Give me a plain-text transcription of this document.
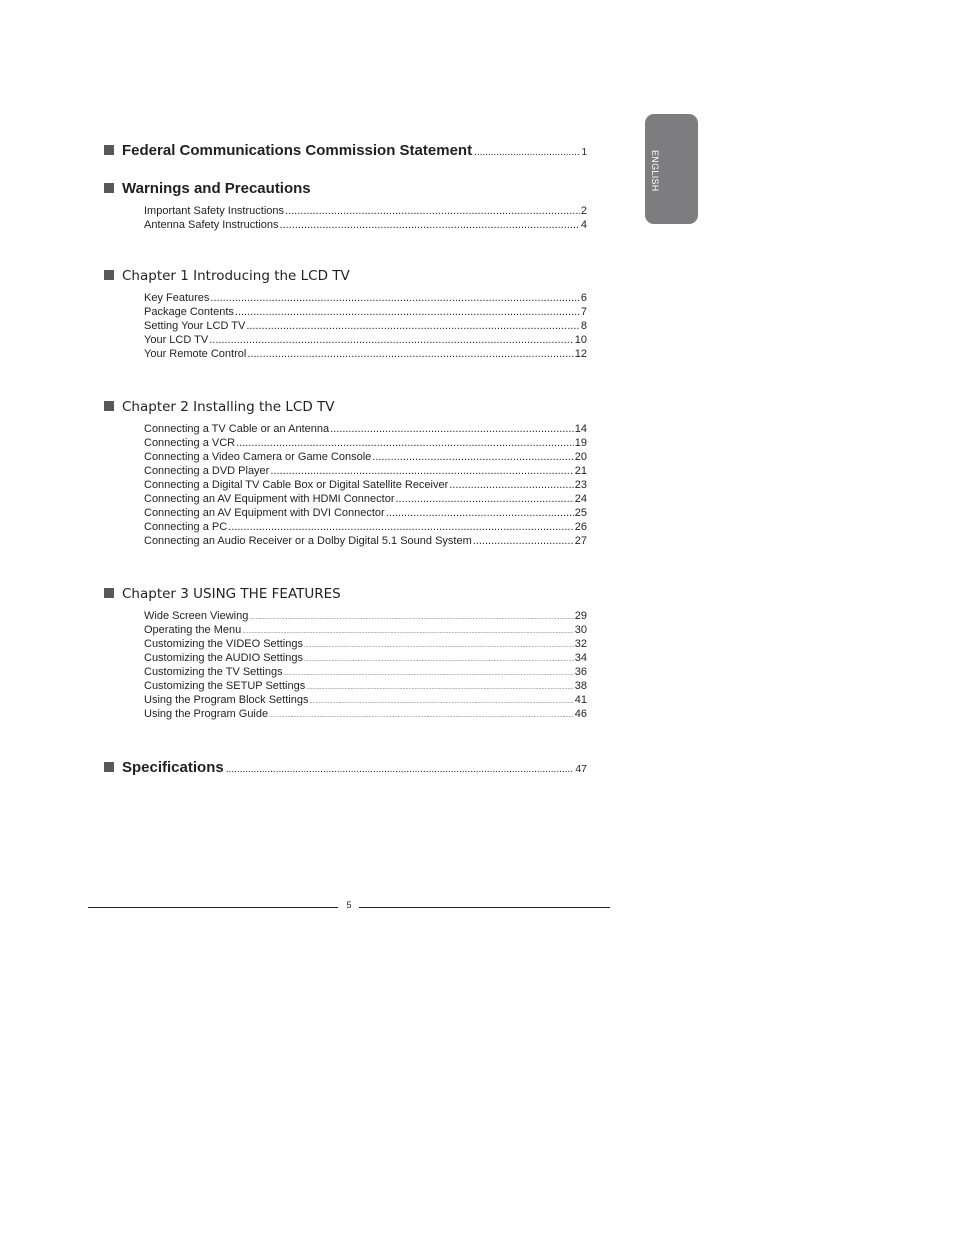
ENGLISH
Federal Communications Commission Statement .....	1
Warnings and Precautions
Important Safety Instructions .....	2
Antenna Safety Instructions .....	4
Chapter 1 Introducing the LCD TV
Key Features .....	6
Package Contents .....	7
Setting Your LCD TV .....	8
Your LCD TV .....	10
Your Remote Control .....	12
Chapter 2 Installing the LCD TV
Connecting a TV Cable or an Antenna .....	14
Connecting a VCR .....	19
Connecting a Video Camera or Game Console .....	20
Connecting a DVD Player .....	21
Connecting a Digital TV Cable Box or Digital Satellite Receiver .....	23
Connecting an AV Equipment with HDMI Connector .....	24
Connecting an AV Equipment with DVI Connector .....	25
Connecting a PC .....	26
Connecting an Audio Receiver or a Dolby Digital 5.1 Sound System .....	27
Chapter 3 USING THE FEATURES
Wide Screen Viewing .....	29
Operating the Menu .....	30
Customizing the VIDEO Settings .....	32
Customizing the AUDIO Settings .....	34
Customizing the TV Settings .....	36
Customizing the SETUP Settings .....	38
Using the Program Block Settings .....	41
Using the Program Guide .....	46
Specifications .....	47
5
